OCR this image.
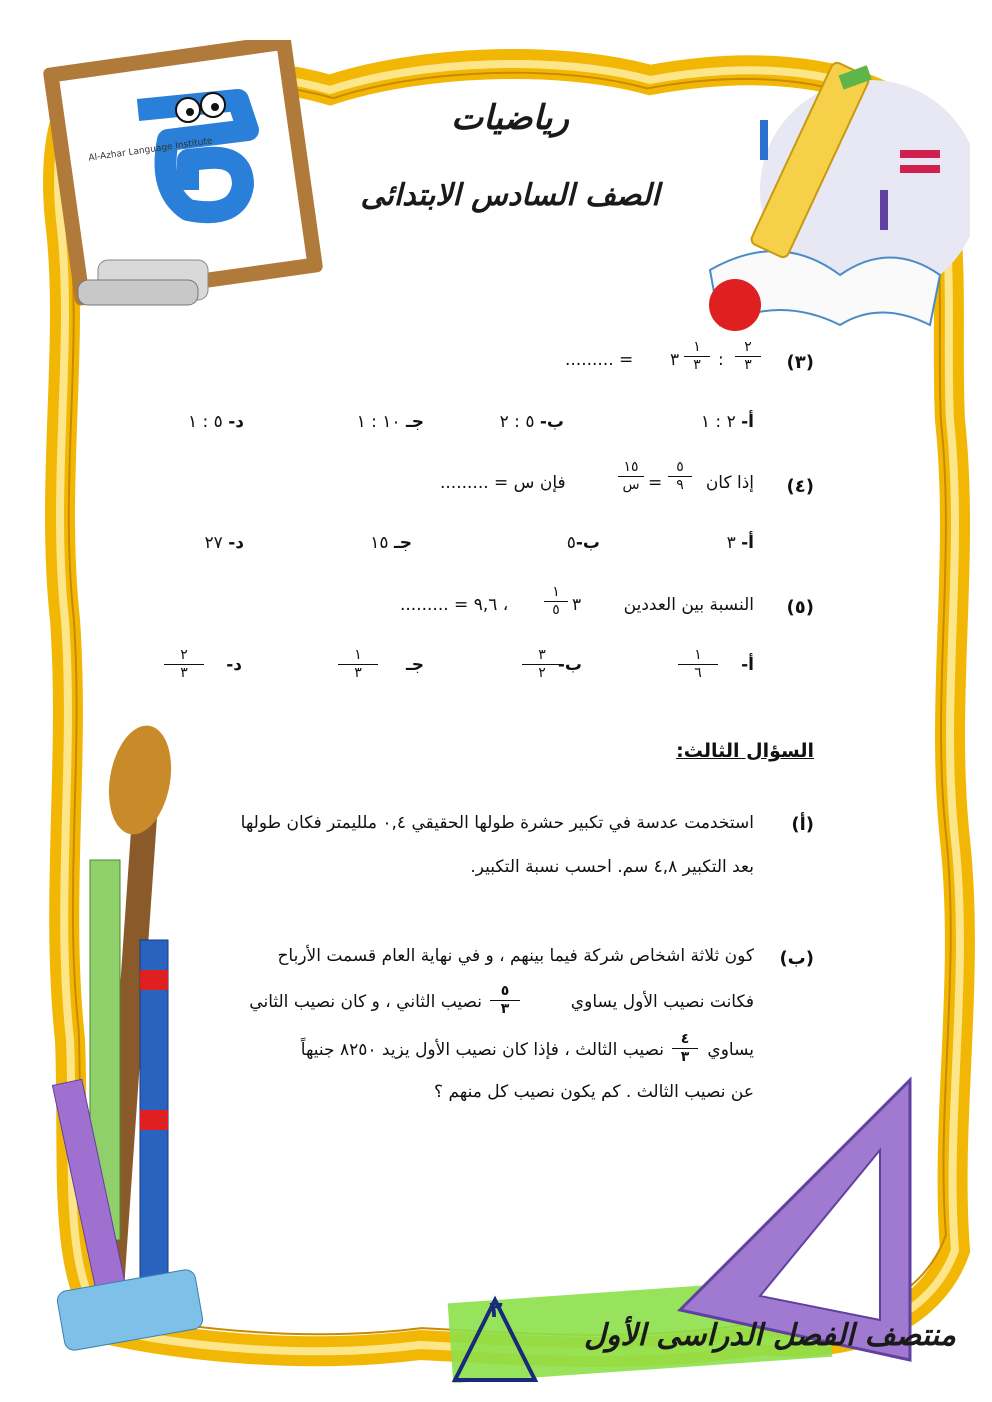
Al-Azhar Language Institute
رياضيات
الصف السادس الابتدائى
(٣)
٢
٣
:
١
٣
٣
= .........
أ- ٢ : ١
ب- ٥ : ٢
جـ ١٠ : ١
د- ٥ : ١
(٤)
إذا كان
٥
٩
=
١٥
س
فإن س = .........
أ- ٣
ب-٥
جـ ١٥
د- ٢٧
(٥)
النسبة بين العددين
٣
١
٥
، ٩,٦ = .........
أ-
١
٦
ب-
٣
٢
جـ
١
٣
د-
٢
٣
السؤال الثالث:
(أ)
استخدمت عدسة في تكبير حشرة طولها الحقيقي ٠,٤ ملليمتر فكان طولها
بعد التكبير ٤,٨ سم. احسب نسبة التكبير.
(ب)
كون ثلاثة اشخاص شركة فيما بينهم ، و في نهاية العام قسمت الأرباح
فكانت نصيب الأول يساوي
٥
٣
نصيب الثاني ، و كان نصيب الثاني
يساوي
٤
٣
نصيب الثالث ، فإذا كان نصيب الأول يزيد ٨٢٥٠ جنيهاً
عن نصيب الثالث . كم يكون نصيب كل منهم ؟
٢
منتصف الفصل الدراسى الأول
